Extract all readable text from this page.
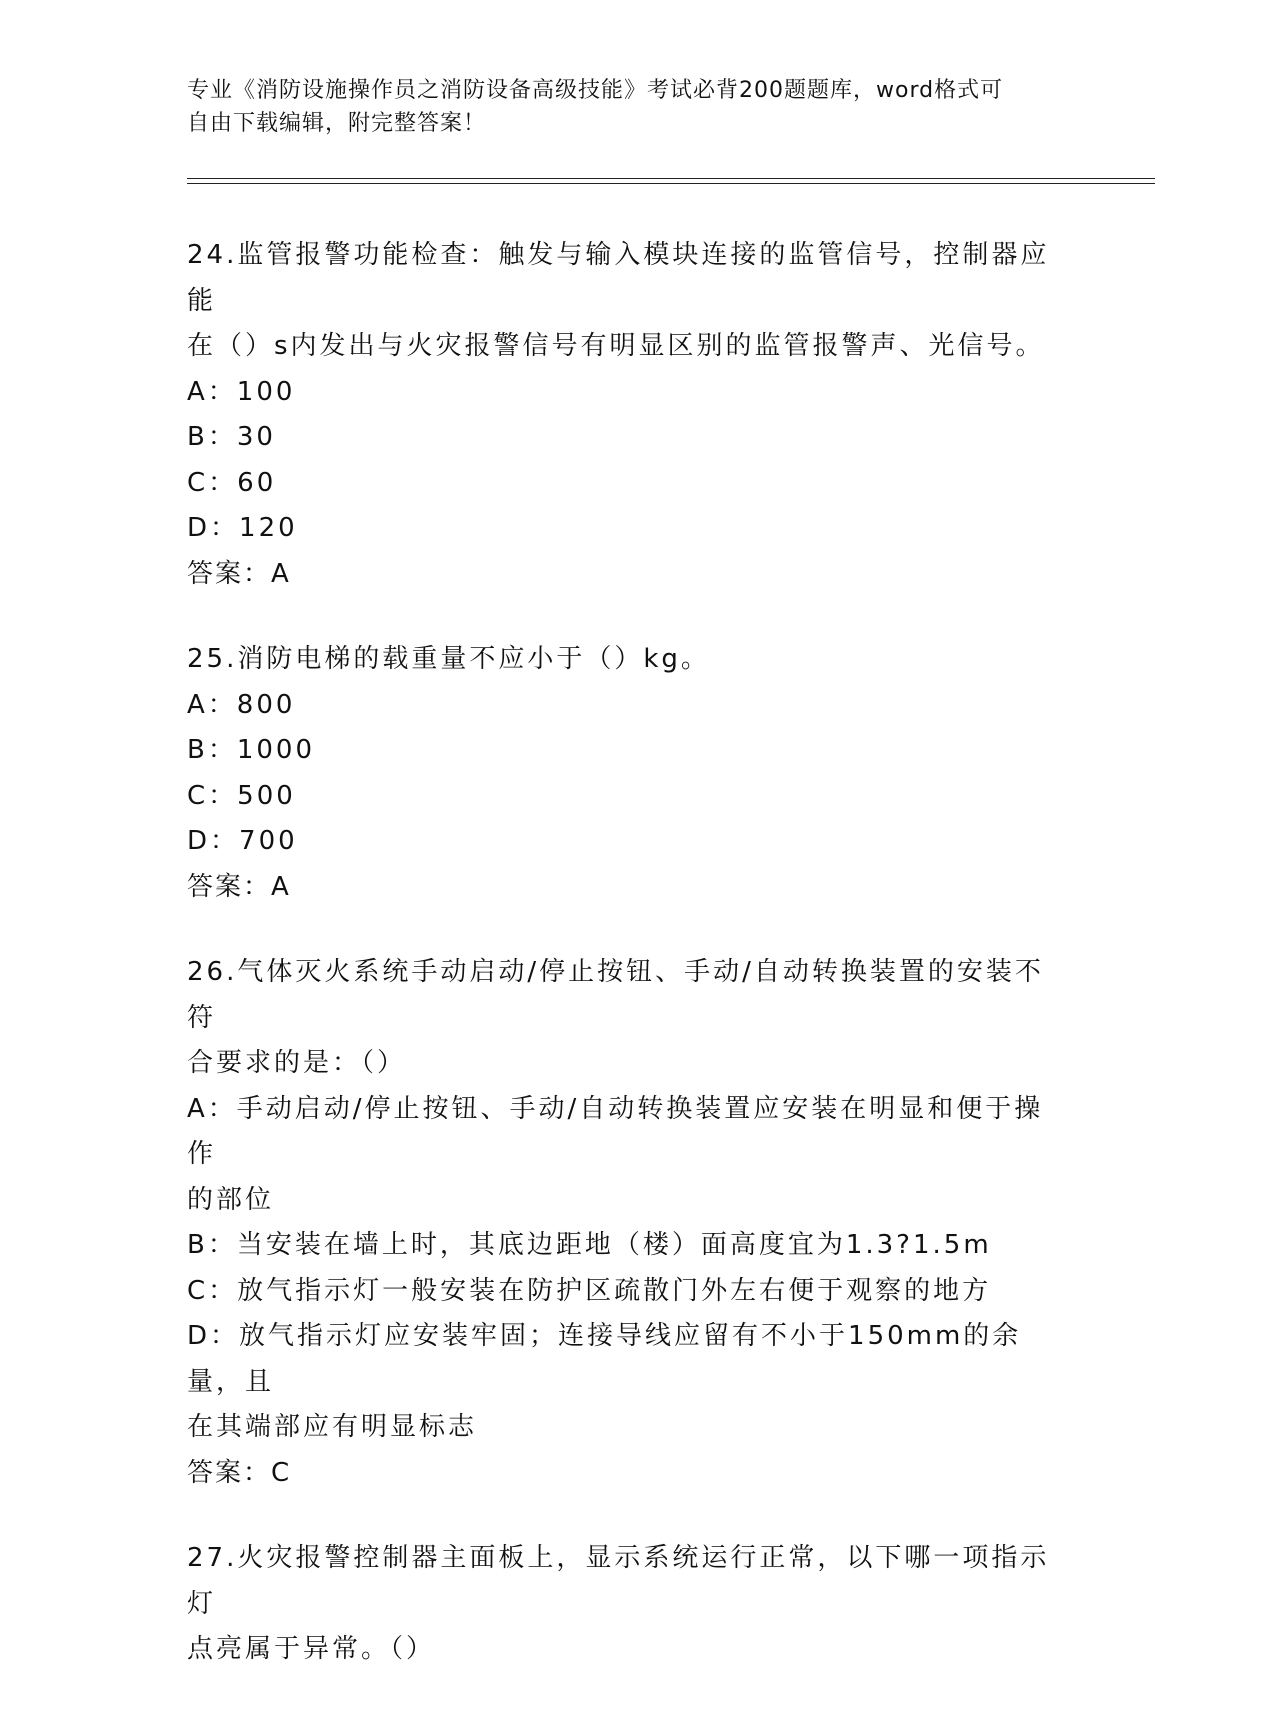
专业《消防设施操作员之消防设备高级技能》考试必背200题题库，word格式可
自由下载编辑，附完整答案！

24.监管报警功能检查：触发与输入模块连接的监管信号，控制器应能

在（）s内发出与火灾报警信号有明显区别的监管报警声、光信号。

A：100

B：30

C：60

D：120

答案：A

25.消防电梯的载重量不应小于（）kg。

A：800

B：1000

C：500

D：700

答案：A

26.气体灭火系统手动启动/停止按钮、手动/自动转换装置的安装不符

合要求的是：（）

A：手动启动/停止按钮、手动/自动转换装置应安装在明显和便于操作

的部位

B：当安装在墙上时，其底边距地（楼）面高度宜为1.3?1.5m

C：放气指示灯一般安装在防护区疏散门外左右便于观察的地方

D：放气指示灯应安装牢固；连接导线应留有不小于150mm的余量，且

在其端部应有明显标志

答案：C

27.火灾报警控制器主面板上，显示系统运行正常，以下哪一项指示灯

点亮属于异常。（）
